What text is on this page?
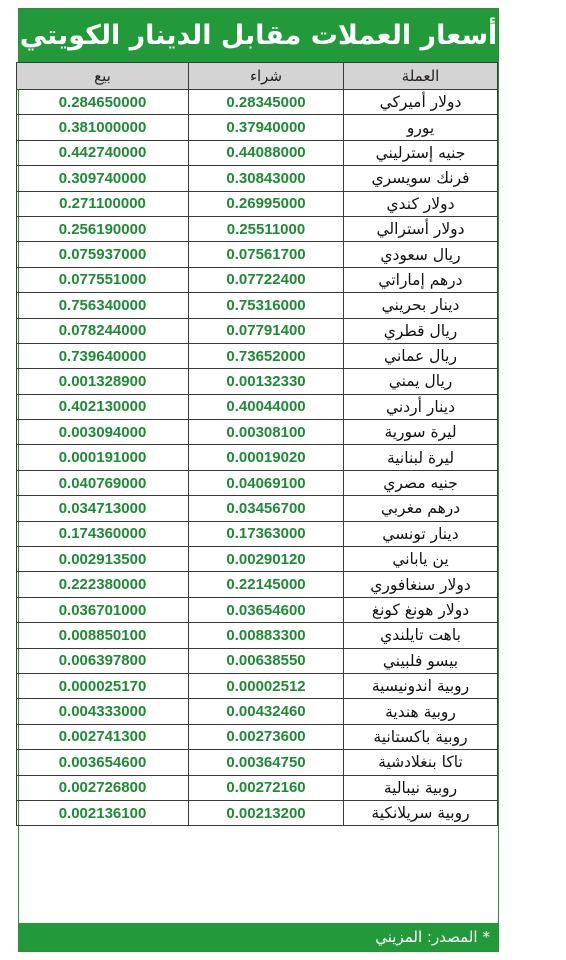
أسعار العملات مقابل الدينار الكويتي
العملة	شراء	بيع
دولار أميركي	0.28345000	0.284650000
يورو	0.37940000	0.381000000
جنيه إسترليني	0.44088000	0.442740000
فرنك سويسري	0.30843000	0.309740000
دولار كندي	0.26995000	0.271100000
دولار أسترالي	0.25511000	0.256190000
ريال سعودي	0.07561700	0.075937000
درهم إماراتي	0.07722400	0.077551000
دينار بحريني	0.75316000	0.756340000
ريال قطري	0.07791400	0.078244000
ريال عماني	0.73652000	0.739640000
ريال يمني	0.00132330	0.001328900
دينار أردني	0.40044000	0.402130000
ليرة سورية	0.00308100	0.003094000
ليرة لبنانية	0.00019020	0.000191000
جنيه مصري	0.04069100	0.040769000
درهم مغربي	0.03456700	0.034713000
دينار تونسي	0.17363000	0.174360000
ين ياباني	0.00290120	0.002913500
دولار سنغافوري	0.22145000	0.222380000
دولار هونغ كونغ	0.03654600	0.036701000
باهت تايلندي	0.00883300	0.008850100
بيسو فلبيني	0.00638550	0.006397800
روبية اندونيسية	0.00002512	0.000025170
روبية هندية	0.00432460	0.004333000
روبية باكستانية	0.00273600	0.002741300
تاكا بنغلادشية	0.00364750	0.003654600
روبية نيبالية	0.00272160	0.002726800
روبية سريلانكية	0.00213200	0.002136100
*
المصدر: المزيني
